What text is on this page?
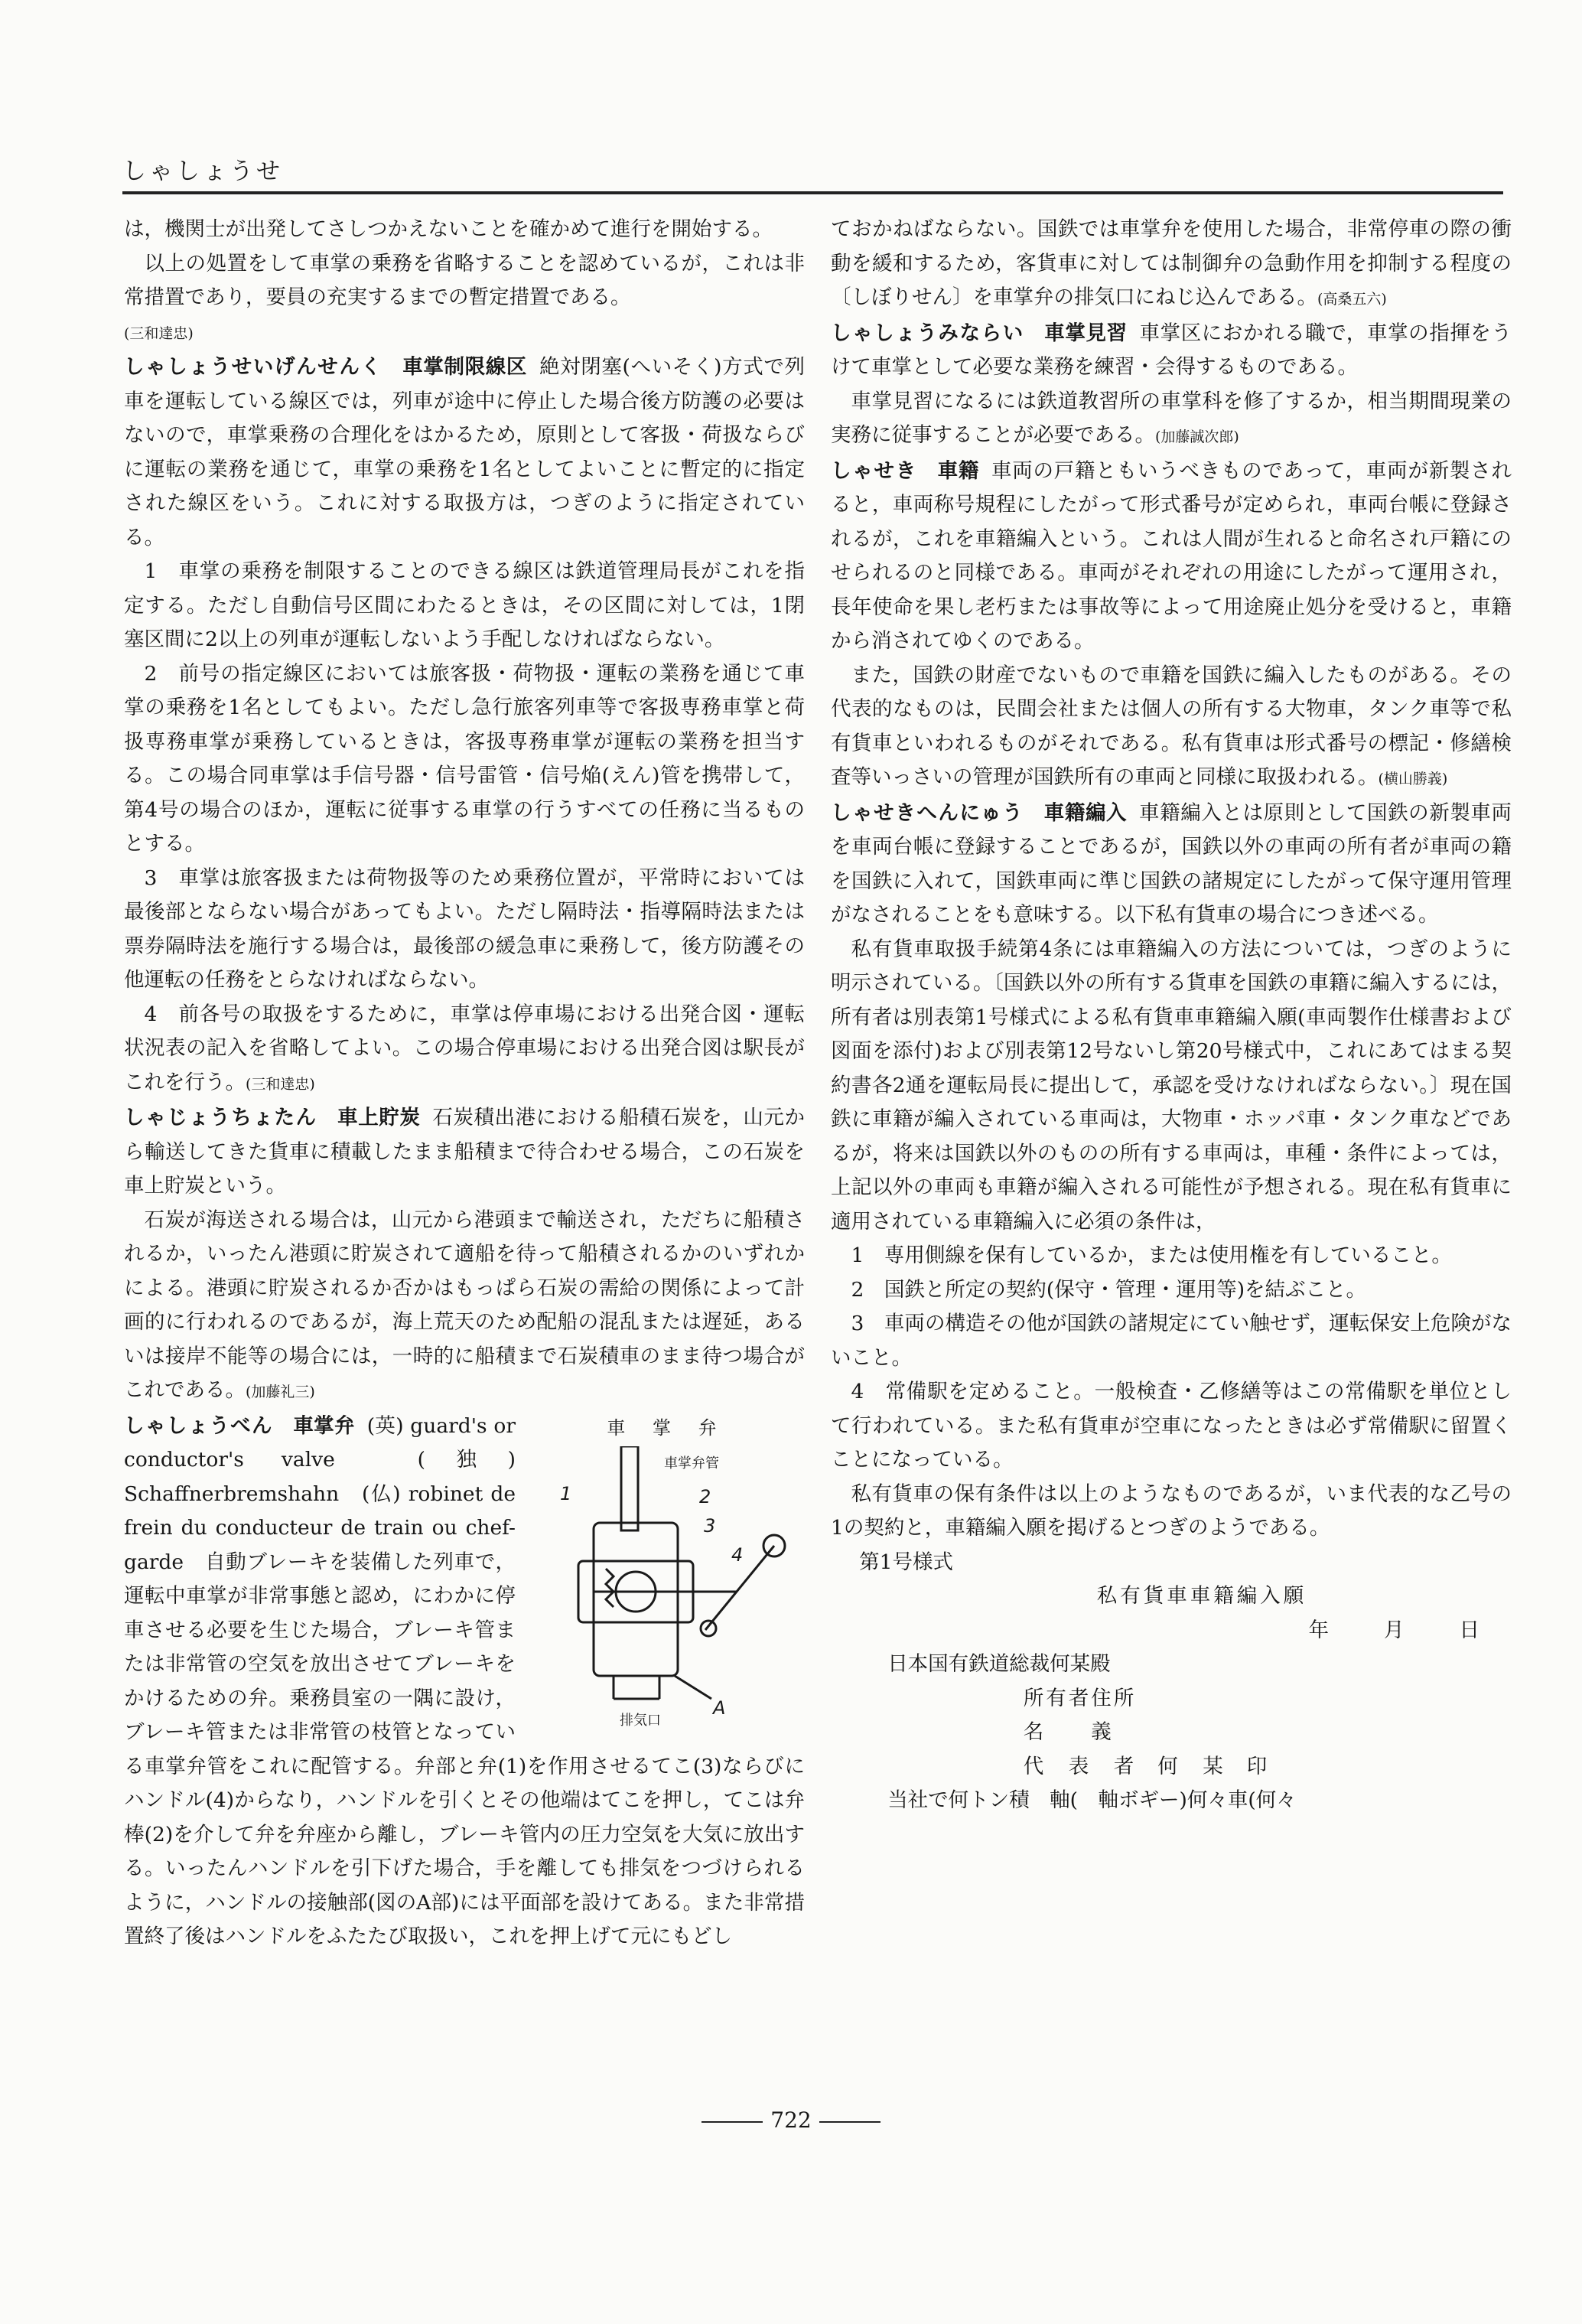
しゃしょうせ

は，機関士が出発してさしつかえないことを確かめて進行を開始する。

以上の処置をして車掌の乗務を省略することを認めているが，これは非常措置であり，要員の充実するまでの暫定措置である。
(三和達忠)

しゃしょうせいげんせんく 車掌制限線区 絶対閉塞(へいそく)方式で列車を運転している線区では，列車が途中に停止した場合後方防護の必要はないので，車掌乗務の合理化をはかるため，原則として客扱・荷扱ならびに運転の業務を通じて，車掌の乗務を1名としてよいことに暫定的に指定された線区をいう。これに対する取扱方は，つぎのように指定されている。

1　車掌の乗務を制限することのできる線区は鉄道管理局長がこれを指定する。ただし自動信号区間にわたるときは，その区間に対しては，1閉塞区間に2以上の列車が運転しないよう手配しなければならない。

2　前号の指定線区においては旅客扱・荷物扱・運転の業務を通じて車掌の乗務を1名としてもよい。ただし急行旅客列車等で客扱専務車掌と荷扱専務車掌が乗務しているときは，客扱専務車掌が運転の業務を担当する。この場合同車掌は手信号器・信号雷管・信号焔(えん)管を携帯して，第4号の場合のほか，運転に従事する車掌の行うすべての任務に当るものとする。

3　車掌は旅客扱または荷物扱等のため乗務位置が，平常時においては最後部とならない場合があってもよい。ただし隔時法・指導隔時法または票券隔時法を施行する場合は，最後部の緩急車に乗務して，後方防護その他運転の任務をとらなければならない。

4　前各号の取扱をするために，車掌は停車場における出発合図・運転状況表の記入を省略してよい。この場合停車場における出発合図は駅長がこれを行う。(三和達忠)

しゃじょうちょたん 車上貯炭 石炭積出港における船積石炭を，山元から輸送してきた貨車に積載したまま船積まで待合わせる場合，この石炭を車上貯炭という。

石炭が海送される場合は，山元から港頭まで輸送され，ただちに船積されるか，いったん港頭に貯炭されて適船を待って船積されるかのいずれかによる。港頭に貯炭されるか否かはもっぱら石炭の需給の関係によって計画的に行われるのであるが，海上荒天のため配船の混乱または遅延，あるいは接岸不能等の場合には，一時的に船積まで石炭積車のまま待つ場合がこれである。(加藤礼三)

車 掌 弁
車掌弁管
1	2
3
4
排気口
A

しゃしょうべん 車掌弁 (英) guard's or conductor's valve　(独) Schaffnerbremshahn　(仏) robinet de frein du conducteur de train ou chef-garde　自動ブレーキを装備した列車で，運転中車掌が非常事態と認め，にわかに停車させる必要を生じた場合，ブレーキ管または非常管の空気を放出させてブレーキをかけるための弁。乗務員室の一隅に設け，ブレーキ管または非常管の枝管となっている車掌弁管をこれに配管する。弁部と弁(1)を作用させるてこ(3)ならびにハンドル(4)からなり，ハンドルを引くとその他端はてこを押し，てこは弁棒(2)を介して弁を弁座から離し，ブレーキ管内の圧力空気を大気に放出する。いったんハンドルを引下げた場合，手を離しても排気をつづけられるように，ハンドルの接触部(図のA部)には平面部を設けてある。また非常措置終了後はハンドルをふたたび取扱い，これを押上げて元にもどし

ておかねばならない。国鉄では車掌弁を使用した場合，非常停車の際の衝動を緩和するため，客貨車に対しては制御弁の急動作用を抑制する程度の〔しぼりせん〕を車掌弁の排気口にねじ込んである。(高桑五六)

しゃしょうみならい 車掌見習 車掌区におかれる職で，車掌の指揮をうけて車掌として必要な業務を練習・会得するものである。

車掌見習になるには鉄道教習所の車掌科を修了するか，相当期間現業の実務に従事することが必要である。(加藤誠次郎)

しゃせき 車籍 車両の戸籍ともいうべきものであって，車両が新製されると，車両称号規程にしたがって形式番号が定められ，車両台帳に登録されるが，これを車籍編入という。これは人間が生れると命名され戸籍にのせられるのと同様である。車両がそれぞれの用途にしたがって運用され，長年使命を果し老朽または事故等によって用途廃止処分を受けると，車籍から消されてゆくのである。

また，国鉄の財産でないもので車籍を国鉄に編入したものがある。その代表的なものは，民間会社または個人の所有する大物車，タンク車等で私有貨車といわれるものがそれである。私有貨車は形式番号の標記・修繕検査等いっさいの管理が国鉄所有の車両と同様に取扱われる。(横山勝義)

しゃせきへんにゅう 車籍編入 車籍編入とは原則として国鉄の新製車両を車両台帳に登録することであるが，国鉄以外の車両の所有者が車両の籍を国鉄に入れて，国鉄車両に準じ国鉄の諸規定にしたがって保守運用管理がなされることをも意味する。以下私有貨車の場合につき述べる。

私有貨車取扱手続第4条には車籍編入の方法については，つぎのように明示されている。〔国鉄以外の所有する貨車を国鉄の車籍に編入するには，所有者は別表第1号様式による私有貨車車籍編入願(車両製作仕様書および図面を添付)および別表第12号ないし第20号様式中，これにあてはまる契約書各2通を運転局長に提出して，承認を受けなければならない。〕現在国鉄に車籍が編入されている車両は，大物車・ホッパ車・タンク車などであるが，将来は国鉄以外のものの所有する車両は，車種・条件によっては，上記以外の車両も車籍が編入される可能性が予想される。現在私有貨車に適用されている車籍編入に必須の条件は，

1　専用側線を保有しているか，または使用権を有していること。

2　国鉄と所定の契約(保守・管理・運用等)を結ぶこと。

3　車両の構造その他が国鉄の諸規定にてい触せず，運転保安上危険がないこと。

4　常備駅を定めること。一般検査・乙修繕等はこの常備駅を単位として行われている。また私有貨車が空車になったときは必ず常備駅に留置くことになっている。

私有貨車の保有条件は以上のようなものであるが，いま代表的な乙号の1の契約と，車籍編入願を掲げるとつぎのようである。

第1号様式

私有貨車車籍編入願

年	月	日

日本国有鉄道総裁何某殿

所有者住所

名　　義

代　表　者 何　某 印

当社で何トン積　軸(　軸ボギー)何々車(何々

722
